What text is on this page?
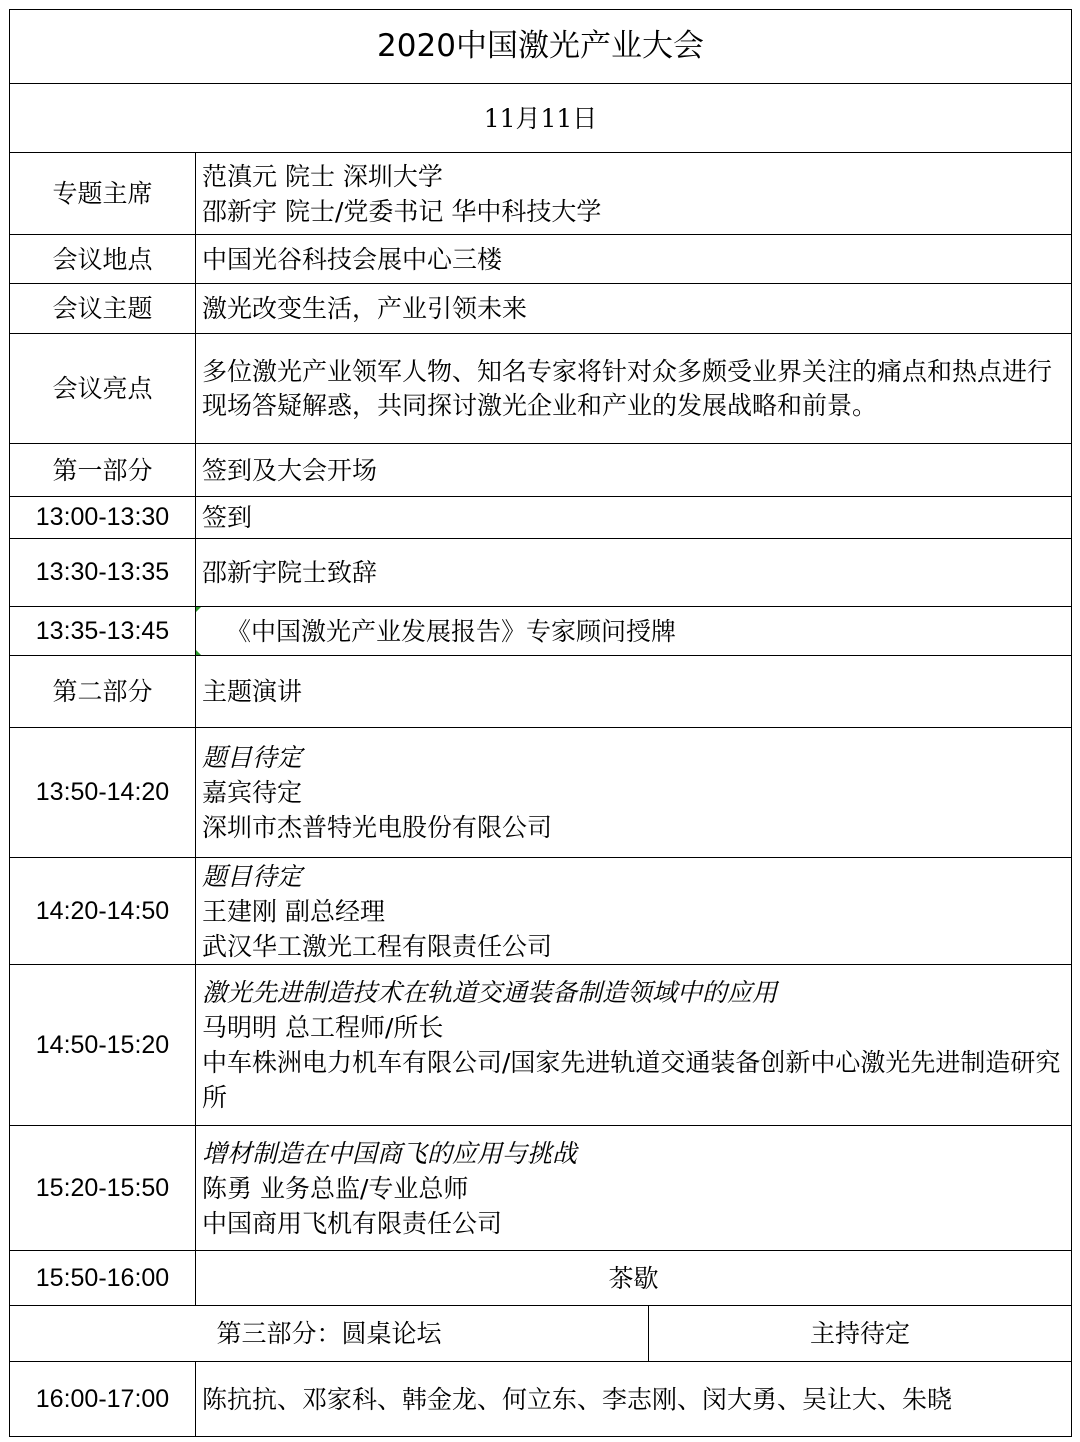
2020中国激光产业大会		
11月11日		
专题主席	范滇元 院士 深圳大学
邵新宇 院士/党委书记 华中科技大学	

会议地点	中国光谷科技会展中心三楼	
会议主题	激光改变生活，产业引领未来	
会议亮点	多位激光产业领军人物、知名专家将针对众多颇受业界关注的痛点和热点进行现场答疑解惑，共同探讨激光企业和产业的发展战略和前景。	
第一部分	签到及大会开场	
13:00-13:30	签到	
13:30-13:35	邵新宇院士致辞	
13:35-13:45	《中国激光产业发展报告》专家顾问授牌	
第二部分	主题演讲	
13:50-14:20	题目待定
嘉宾待定
深圳市杰普特光电股份有限公司	

14:20-14:50	题目待定
王建刚 副总经理
武汉华工激光工程有限责任公司	

14:50-15:20	激光先进制造技术在轨道交通装备制造领域中的应用
马明明 总工程师/所长
中车株洲电力机车有限公司/国家先进轨道交通装备创新中心激光先进制造研究所	

15:20-15:50	增材制造在中国商飞的应用与挑战
陈勇 业务总监/专业总师
中国商用飞机有限责任公司	

15:50-16:00	茶歇	
第三部分：圆桌论坛		主持待定
16:00-17:00	陈抗抗、邓家科、韩金龙、何立东、李志刚、闵大勇、吴让大、朱晓	
